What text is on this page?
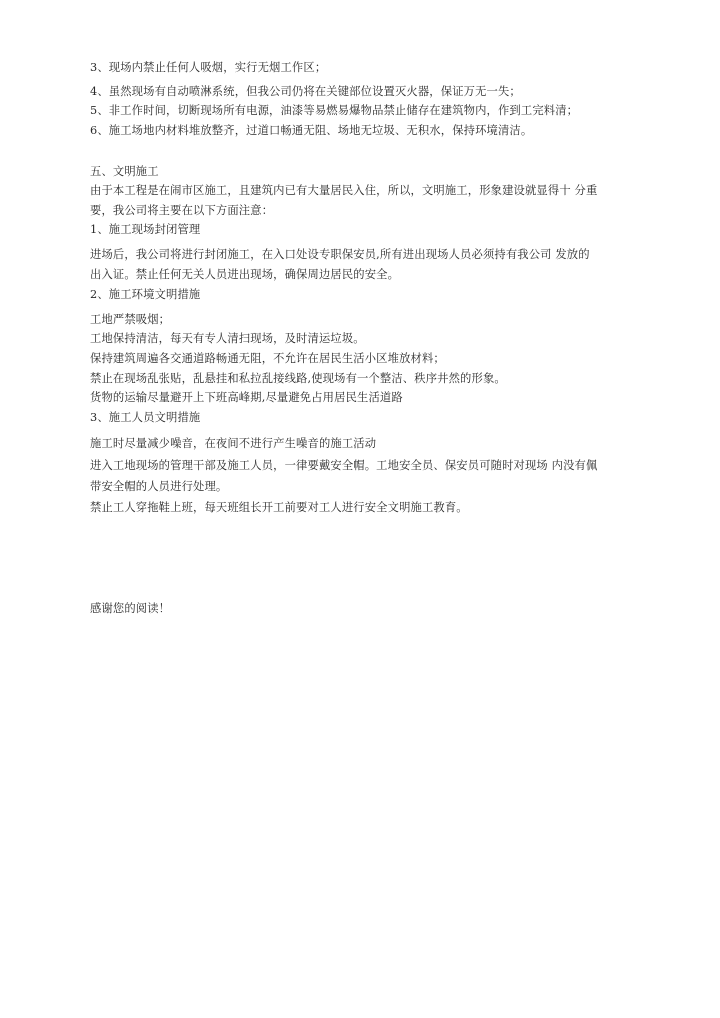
3、现场内禁止任何人吸烟，实行无烟工作区；
4、虽然现场有自动喷淋系统，但我公司仍将在关键部位设置灭火器，保证万无一失；
5、非工作时间，切断现场所有电源，油漆等易燃易爆物品禁止储存在建筑物内，作到工完料清；
6、施工场地内材料堆放整齐，过道口畅通无阻、场地无垃圾、无积水，保持环境清洁。
五、文明施工
由于本工程是在闹市区施工，且建筑内已有大量居民入住，所以，文明施工，形象建设就显得十 分重
要，我公司将主要在以下方面注意：
1、施工现场封闭管理
进场后，我公司将进行封闭施工，在入口处设专职保安员,所有进出现场人员必须持有我公司 发放的
出入证。禁止任何无关人员进出现场，确保周边居民的安全。
2、施工环境文明措施
工地严禁吸烟；
工地保持清洁，每天有专人清扫现场，及时清运垃圾。
保持建筑周遍各交通道路畅通无阻，不允许在居民生活小区堆放材料；
禁止在现场乱张贴，乱悬挂和私拉乱接线路,使现场有一个整洁、秩序井然的形象。
货物的运输尽量避开上下班高峰期,尽量避免占用居民生活道路
3、施工人员文明措施
施工时尽量减少噪音，在夜间不进行产生噪音的施工活动
进入工地现场的管理干部及施工人员，一律要戴安全帽。工地安全员、保安员可随时对现场 内没有佩
带安全帽的人员进行处理。
禁止工人穿拖鞋上班，每天班组长开工前要对工人进行安全文明施工教育。
感谢您的阅读！
